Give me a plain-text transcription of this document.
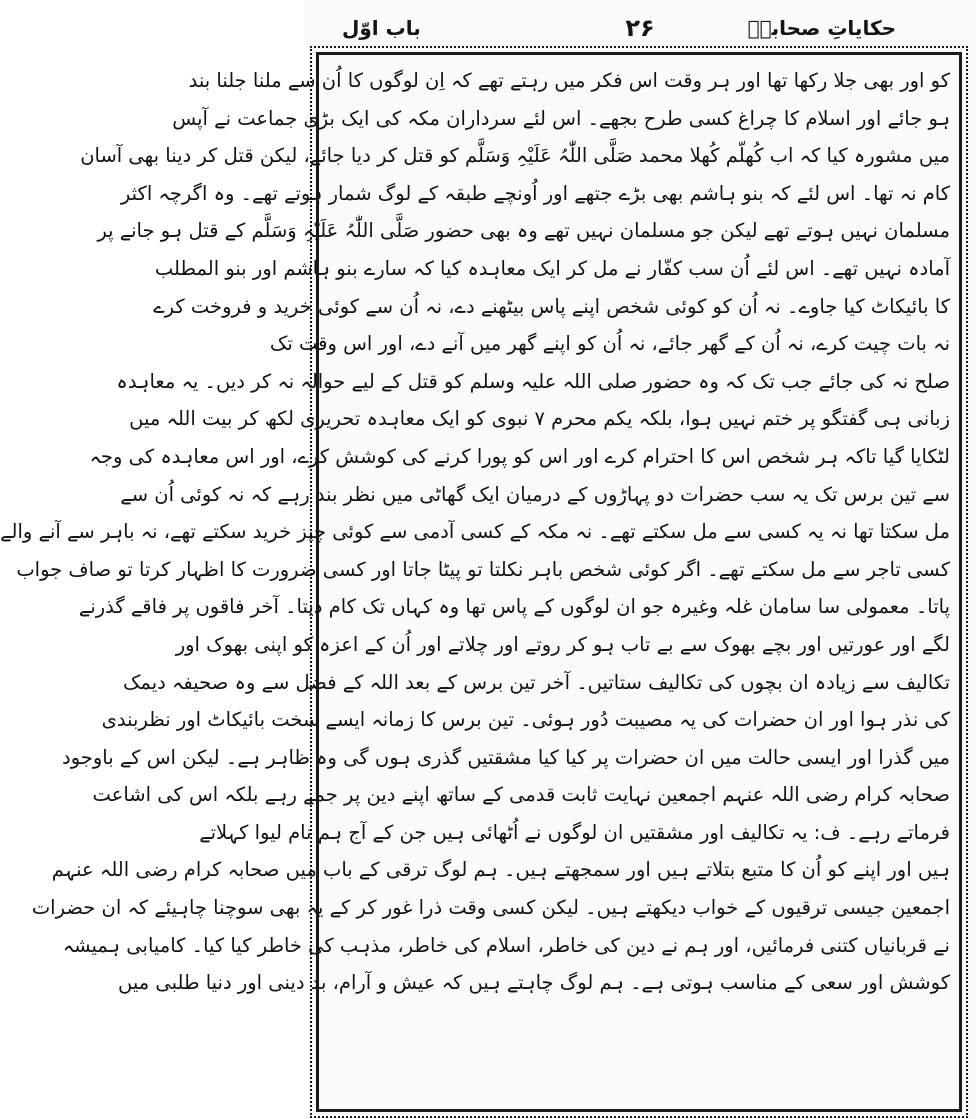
حکایاتِ صحابہؓ
۲۶
باب اوّل
کو اور بھی جلا رکھا تھا اور ہر وقت اس فکر میں رہتے تھے کہ اِن لوگوں کا اُن سے ملنا جلنا بند
ہو جائے اور اسلام کا چراغ کسی طرح بجھے۔ اس لئے سرداران مکہ کی ایک بڑی جماعت نے آپس
میں مشورہ کیا کہ اب کُھلّم کُھلا محمد صَلَّی اللّٰہُ عَلَیْہِ وَسَلَّم کو قتل کر دیا جائے، لیکن قتل کر دینا بھی آسان
کام نہ تھا۔ اس لئے کہ بنو ہاشم بھی بڑے جتھے اور اُونچے طبقہ کے لوگ شمار ہوتے تھے۔ وہ اگرچہ اکثر
مسلمان نہیں ہوتے تھے لیکن جو مسلمان نہیں تھے وہ بھی حضور صَلَّی اللّٰہُ عَلَیْہِ وَسَلَّم کے قتل ہو جانے پر
آمادہ نہیں تھے۔ اس لئے اُن سب کفّار نے مل کر ایک معاہدہ کیا کہ سارے بنو ہاشم اور بنو المطلب
کا بائیکاٹ کیا جاوے۔ نہ اُن کو کوئی شخص اپنے پاس بیٹھنے دے، نہ اُن سے کوئی خرید و فروخت کرے
نہ بات چیت کرے، نہ اُن کے گھر جائے، نہ اُن کو اپنے گھر میں آنے دے، اور اس وقت تک
صلح نہ کی جائے جب تک کہ وہ حضور صلی اللہ علیہ وسلم کو قتل کے لیے حوالہ نہ کر دیں۔ یہ معاہدہ
زبانی ہی گفتگو پر ختم نہیں ہوا، بلکہ یکم محرم ۷ نبوی کو ایک معاہدہ تحریری لکھ کر بیت اللہ میں
لٹکایا گیا تاکہ ہر شخص اس کا احترام کرے اور اس کو پورا کرنے کی کوشش کرے، اور اس معاہدہ کی وجہ
سے تین برس تک یہ سب حضرات دو پہاڑوں کے درمیان ایک گھاٹی میں نظر بند رہے کہ نہ کوئی اُن سے
مل سکتا تھا نہ یہ کسی سے مل سکتے تھے۔ نہ مکہ کے کسی آدمی سے کوئی چیز خرید سکتے تھے، نہ باہر سے آنے والے
کسی تاجر سے مل سکتے تھے۔ اگر کوئی شخص باہر نکلتا تو پیٹا جاتا اور کسی ضرورت کا اظہار کرتا تو صاف جواب
پاتا۔ معمولی سا سامان غلہ وغیرہ جو ان لوگوں کے پاس تھا وہ کہاں تک کام دیتا۔ آخر فاقوں پر فاقے گذرنے
لگے اور عورتیں اور بچے بھوک سے بے تاب ہو کر روتے اور چلاتے اور اُن کے اعزہ کو اپنی بھوک اور
تکالیف سے زیادہ ان بچوں کی تکالیف ستاتیں۔ آخر تین برس کے بعد اللہ کے فضل سے وہ صحیفہ دیمک
کی نذر ہوا اور ان حضرات کی یہ مصیبت دُور ہوئی۔ تین برس کا زمانہ ایسے سخت بائیکاٹ اور نظربندی
میں گذرا اور ایسی حالت میں ان حضرات پر کیا کیا مشقتیں گذری ہوں گی وہ ظاہر ہے۔ لیکن اس کے باوجود
صحابہ کرام رضی اللہ عنہم اجمعین نہایت ثابت قدمی کے ساتھ اپنے دین پر جمے رہے بلکہ اس کی اشاعت
فرماتے رہے۔ ف: یہ تکالیف اور مشقتیں ان لوگوں نے اُٹھائی ہیں جن کے آج ہم نام لیوا کہلاتے
ہیں اور اپنے کو اُن کا متبع بتلاتے ہیں اور سمجھتے ہیں۔ ہم لوگ ترقی کے باب میں صحابہ کرام رضی اللہ عنہم
اجمعین جیسی ترقیوں کے خواب دیکھتے ہیں۔ لیکن کسی وقت ذرا غور کر کے یہ بھی سوچنا چاہیئے کہ ان حضرات
نے قربانیاں کتنی فرمائیں، اور ہم نے دین کی خاطر، اسلام کی خاطر، مذہب کی خاطر کیا کیا۔ کامیابی ہمیشہ
کوشش اور سعی کے مناسب ہوتی ہے۔ ہم لوگ چاہتے ہیں کہ عیش و آرام، بد دینی اور دنیا طلبی میں
